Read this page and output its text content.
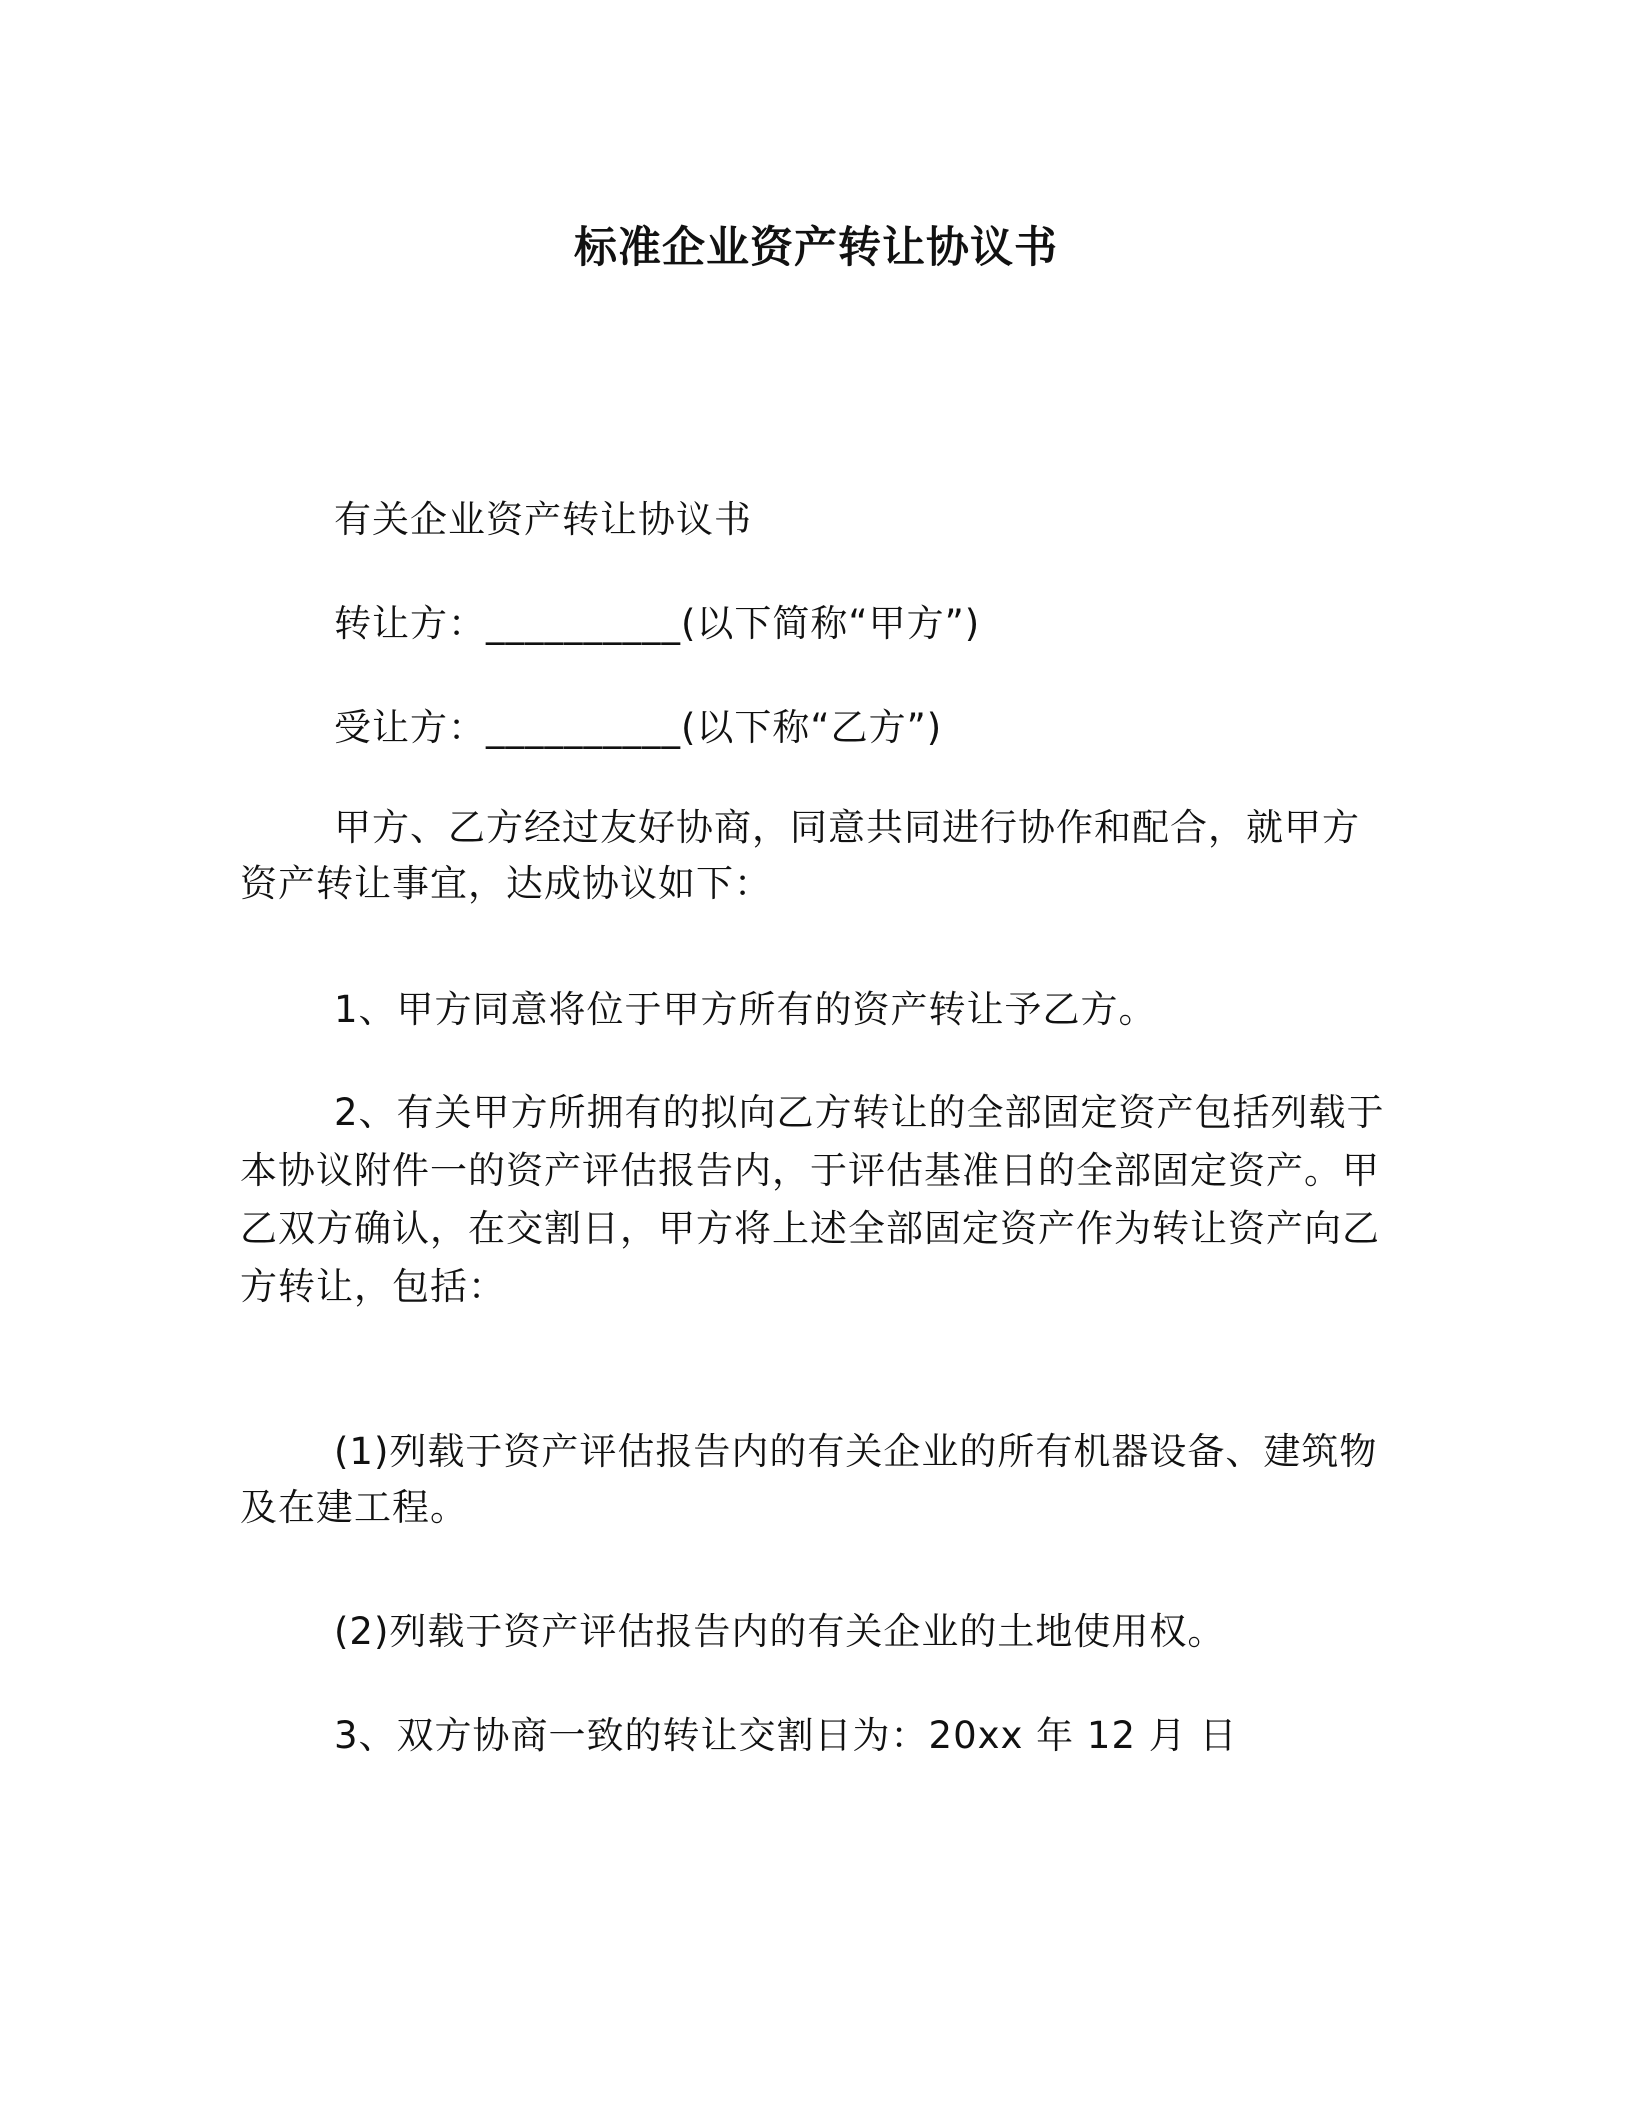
标准企业资产转让协议书
有关企业资产转让协议书
转让方：__________(以下简称“甲方”)
受让方：__________(以下称“乙方”)
甲方、乙方经过友好协商，同意共同进行协作和配合，就甲方资产转让事宜，达成协议如下：
1、甲方同意将位于甲方所有的资产转让予乙方。
2、有关甲方所拥有的拟向乙方转让的全部固定资产包括列载于本协议附件一的资产评估报告内，于评估基准日的全部固定资产。甲乙双方确认，在交割日，甲方将上述全部固定资产作为转让资产向乙方转让，包括：
(1)列载于资产评估报告内的有关企业的所有机器设备、建筑物及在建工程。
(2)列载于资产评估报告内的有关企业的土地使用权。
3、双方协商一致的转让交割日为：20xx 年 12 月 日
